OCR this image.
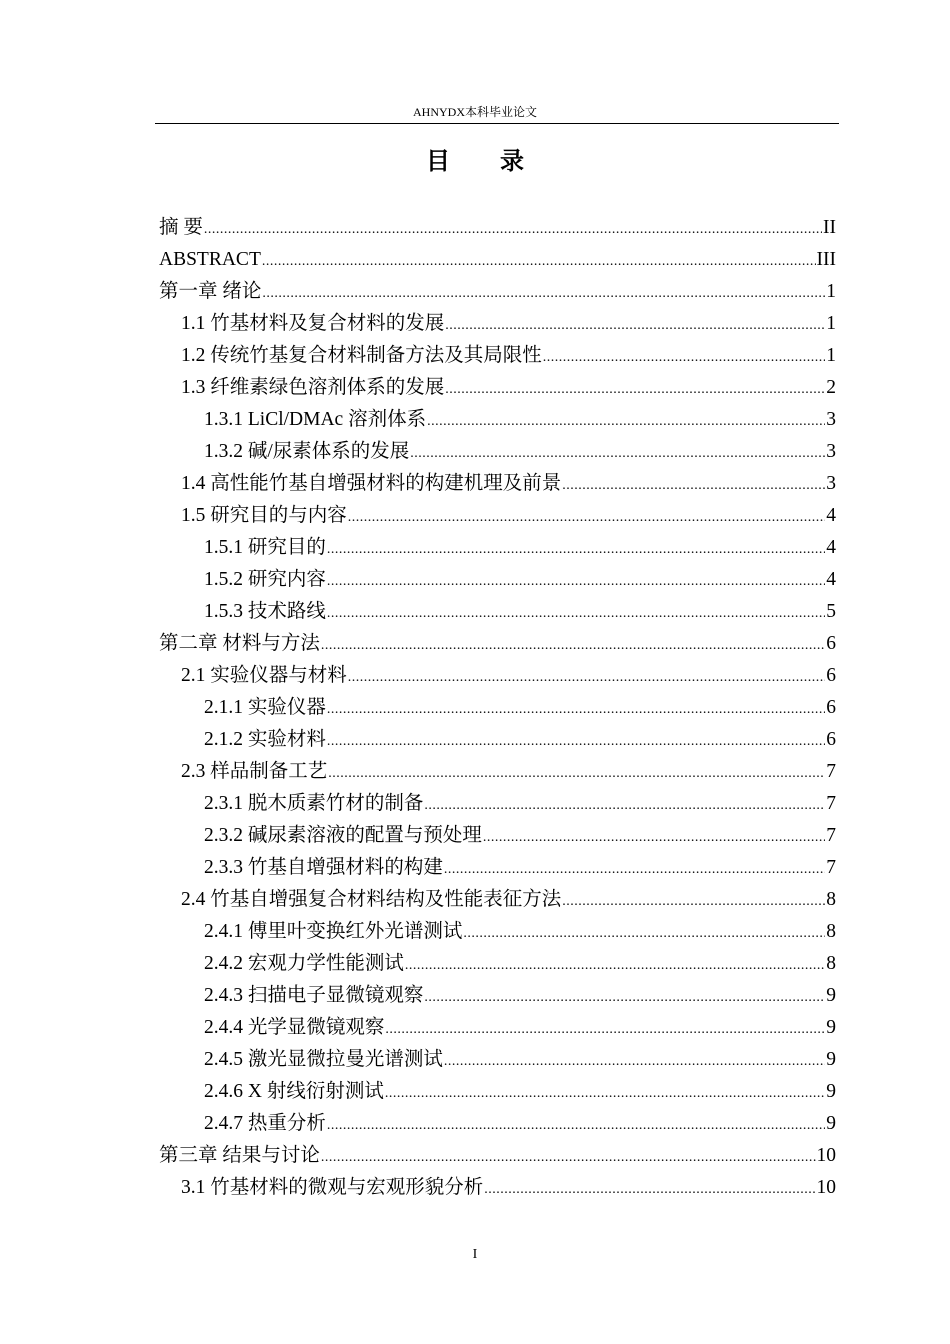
AHNYDX本科毕业论文
目 录
摘 要 .....	II
ABSTRACT .....	III
第一章 绪论 .....	1
1.1 竹基材料及复合材料的发展 .....	1
1.2 传统竹基复合材料制备方法及其局限性 .....	1
1.3 纤维素绿色溶剂体系的发展 .....	2
1.3.1 LiCl/DMAc 溶剂体系 .....	3
1.3.2 碱/尿素体系的发展 .....	3
1.4 高性能竹基自增强材料的构建机理及前景 .....	3
1.5 研究目的与内容 .....	4
1.5.1 研究目的 .....	4
1.5.2 研究内容 .....	4
1.5.3 技术路线 .....	5
第二章 材料与方法 .....	6
2.1 实验仪器与材料 .....	6
2.1.1 实验仪器 .....	6
2.1.2 实验材料 .....	6
2.3 样品制备工艺 .....	7
2.3.1 脱木质素竹材的制备 .....	7
2.3.2 碱尿素溶液的配置与预处理 .....	7
2.3.3 竹基自增强材料的构建 .....	7
2.4 竹基自增强复合材料结构及性能表征方法 .....	8
2.4.1 傅里叶变换红外光谱测试 .....	8
2.4.2 宏观力学性能测试 .....	8
2.4.3 扫描电子显微镜观察 .....	9
2.4.4 光学显微镜观察 .....	9
2.4.5 激光显微拉曼光谱测试 .....	9
2.4.6 X 射线衍射测试 .....	9
2.4.7 热重分析 .....	9
第三章 结果与讨论 .....	10
3.1 竹基材料的微观与宏观形貌分析 .....	10
I
